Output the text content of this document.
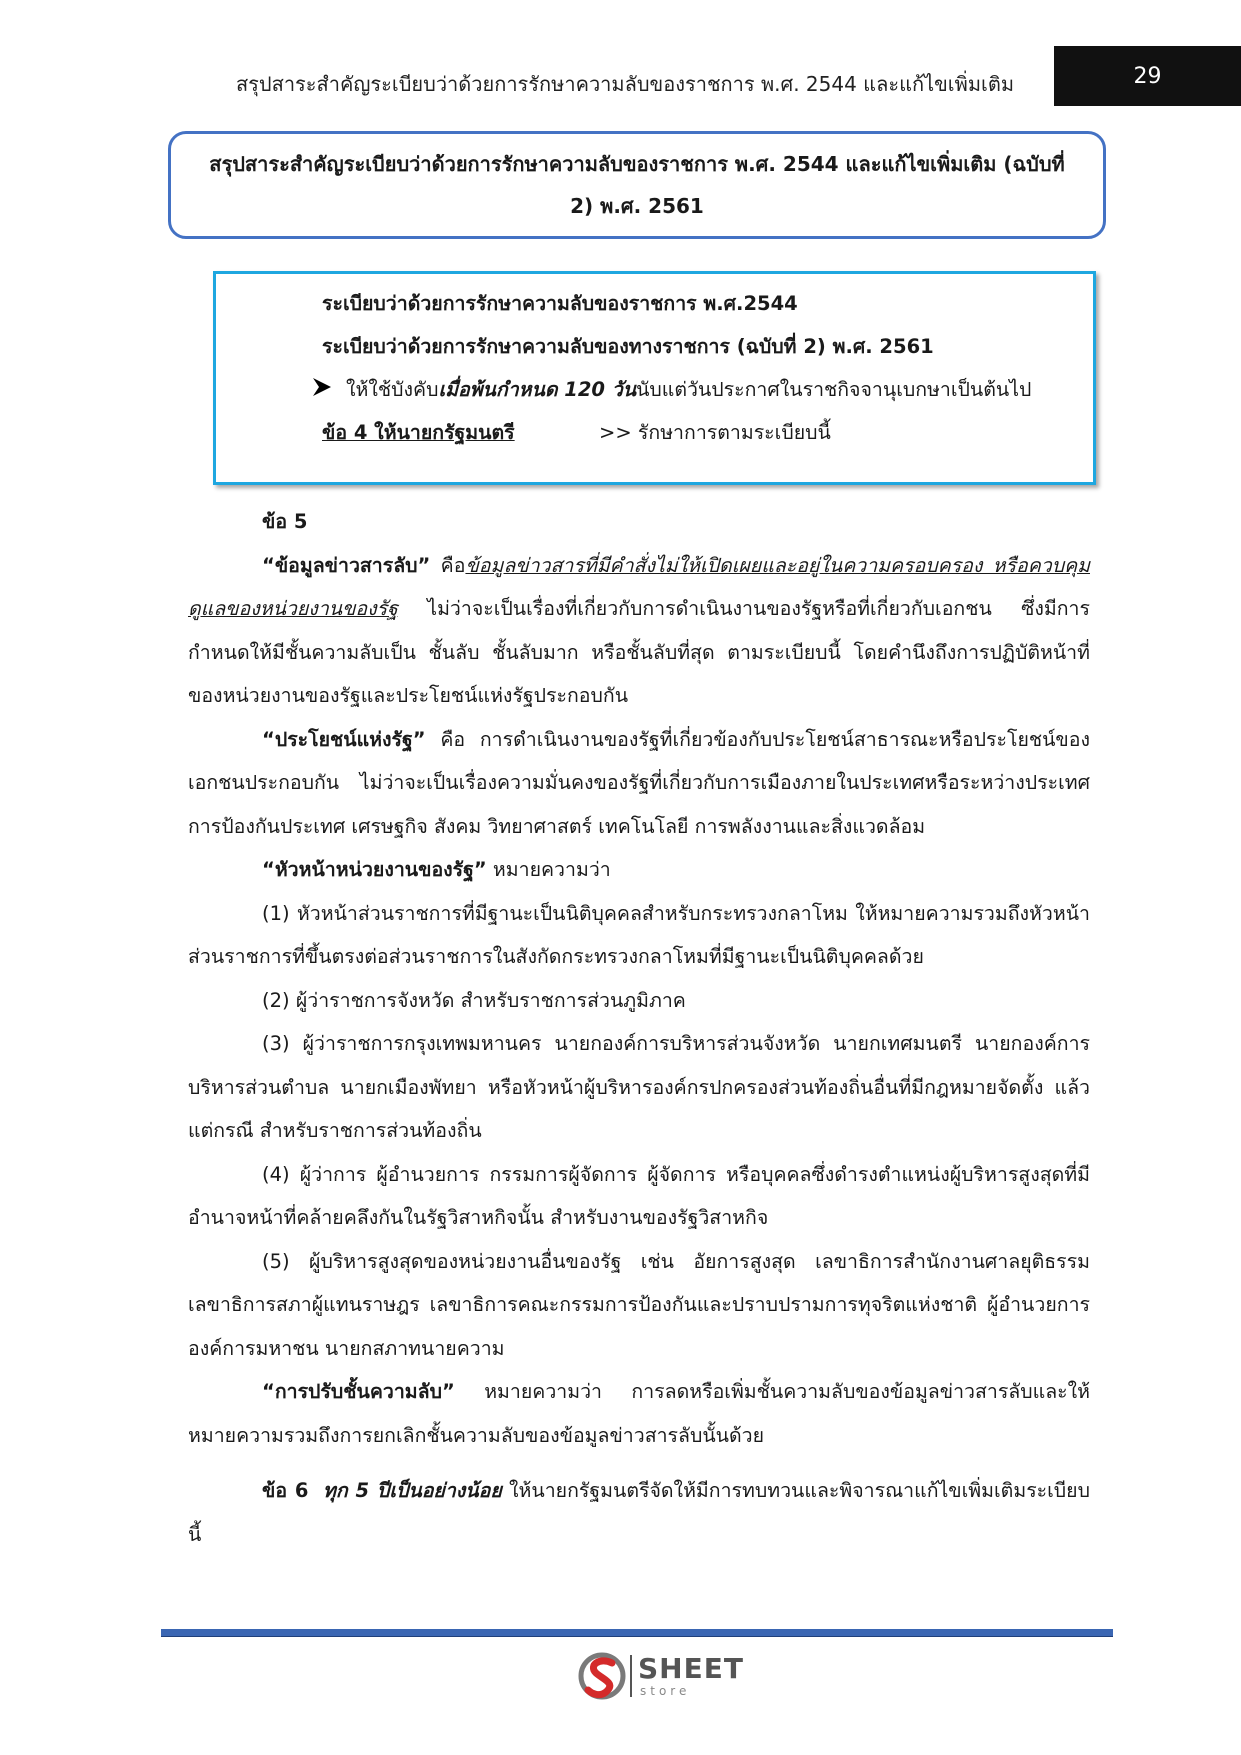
สรุปสาระสำคัญระเบียบว่าด้วยการรักษาความลับของราชการ พ.ศ. 2544 และแก้ไขเพิ่มเติม	29
สรุปสาระสำคัญระเบียบว่าด้วยการรักษาความลับของราชการ พ.ศ. 2544 และแก้ไขเพิ่มเติม (ฉบับที่
2) พ.ศ. 2561
ระเบียบว่าด้วยการรักษาความลับของราชการ พ.ศ.2544
ระเบียบว่าด้วยการรักษาความลับของทางราชการ (ฉบับที่ 2) พ.ศ. 2561
ให้ใช้บังคับเมื่อพ้นกำหนด 120 วันนับแต่วันประกาศในราชกิจจานุเบกษาเป็นต้นไป
ข้อ 4 ให้นายกรัฐมนตรี	>> รักษาการตามระเบียบนี้

ข้อ 5

“ข้อมูลข่าวสารลับ” คือข้อมูลข่าวสารที่มีคำสั่งไม่ให้เปิดเผยและอยู่ในความครอบครอง หรือควบคุมดูแลของหน่วยงานของรัฐ ไม่ว่าจะเป็นเรื่องที่เกี่ยวกับการดำเนินงานของรัฐหรือที่เกี่ยวกับเอกชน ซึ่งมีการกำหนดให้มีชั้นความลับเป็น ชั้นลับ ชั้นลับมาก หรือชั้นลับที่สุด ตามระเบียบนี้ โดยคำนึงถึงการปฏิบัติหน้าที่ของหน่วยงานของรัฐและประโยชน์แห่งรัฐประกอบกัน

“ประโยชน์แห่งรัฐ” คือ การดำเนินงานของรัฐที่เกี่ยวข้องกับประโยชน์สาธารณะหรือประโยชน์ของเอกชนประกอบกัน ไม่ว่าจะเป็นเรื่องความมั่นคงของรัฐที่เกี่ยวกับการเมืองภายในประเทศหรือระหว่างประเทศการป้องกันประเทศ เศรษฐกิจ สังคม วิทยาศาสตร์ เทคโนโลยี การพลังงานและสิ่งแวดล้อม

“หัวหน้าหน่วยงานของรัฐ” หมายความว่า

(1) หัวหน้าส่วนราชการที่มีฐานะเป็นนิติบุคคลสำหรับกระทรวงกลาโหม ให้หมายความรวมถึงหัวหน้าส่วนราชการที่ขึ้นตรงต่อส่วนราชการในสังกัดกระทรวงกลาโหมที่มีฐานะเป็นนิติบุคคลด้วย

(2) ผู้ว่าราชการจังหวัด สำหรับราชการส่วนภูมิภาค

(3) ผู้ว่าราชการกรุงเทพมหานคร นายกองค์การบริหารส่วนจังหวัด นายกเทศมนตรี นายกองค์การบริหารส่วนตำบล นายกเมืองพัทยา หรือหัวหน้าผู้บริหารองค์กรปกครองส่วนท้องถิ่นอื่นที่มีกฎหมายจัดตั้ง แล้วแต่กรณี สำหรับราชการส่วนท้องถิ่น

(4) ผู้ว่าการ ผู้อำนวยการ กรรมการผู้จัดการ ผู้จัดการ หรือบุคคลซึ่งดำรงตำแหน่งผู้บริหารสูงสุดที่มีอำนาจหน้าที่คล้ายคลึงกันในรัฐวิสาหกิจนั้น สำหรับงานของรัฐวิสาหกิจ

(5) ผู้บริหารสูงสุดของหน่วยงานอื่นของรัฐ เช่น อัยการสูงสุด เลขาธิการสำนักงานศาลยุติธรรม เลขาธิการสภาผู้แทนราษฎร เลขาธิการคณะกรรมการป้องกันและปราบปรามการทุจริตแห่งชาติ ผู้อำนวยการองค์การมหาชน นายกสภาทนายความ

“การปรับชั้นความลับ” หมายความว่า การลดหรือเพิ่มชั้นความลับของข้อมูลข่าวสารลับและให้หมายความรวมถึงการยกเลิกชั้นความลับของข้อมูลข่าวสารลับนั้นด้วย

ข้อ 6 ทุก 5 ปีเป็นอย่างน้อย ให้นายกรัฐมนตรีจัดให้มีการทบทวนและพิจารณาแก้ไขเพิ่มเติมระเบียบนี้

SHEET
store
